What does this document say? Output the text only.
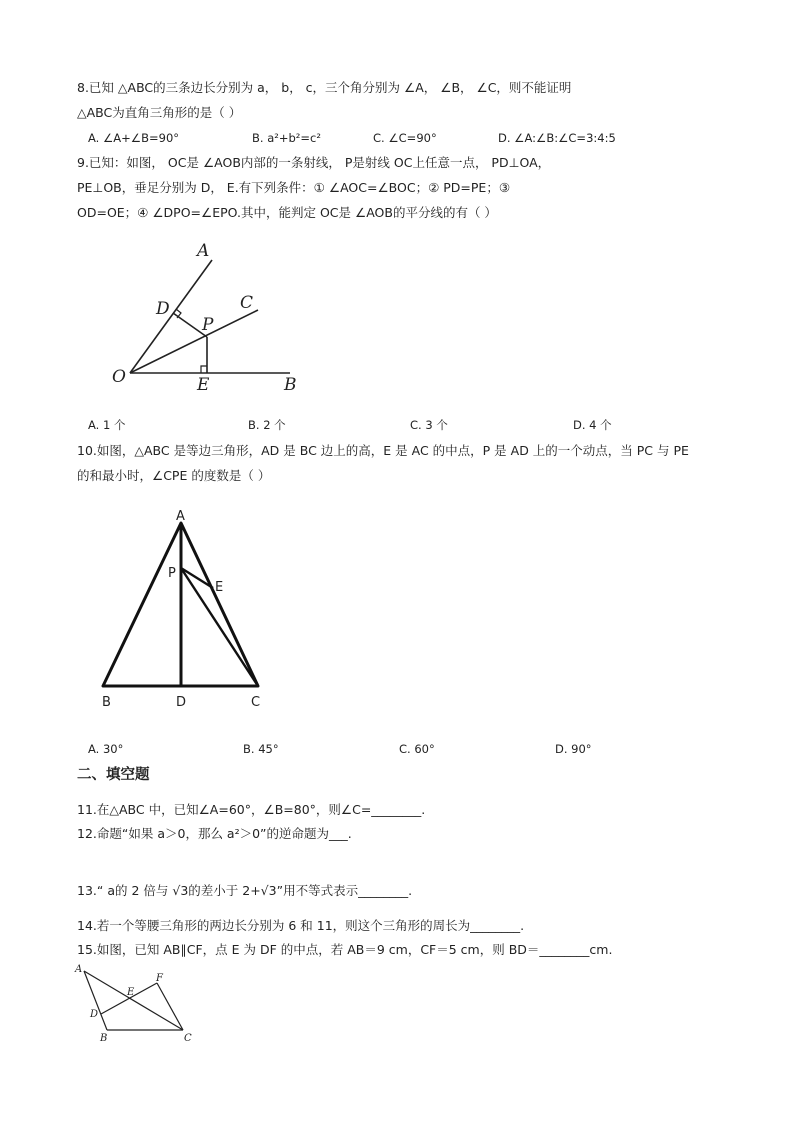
8.已知 △ABC的三条边长分别为 a， b， c，三个角分别为 ∠A， ∠B， ∠C，则不能证明
△ABC为直角三角形的是（ ）
A. ∠A+∠B=90°	B. a²+b²=c²	C. ∠C=90°	D. ∠A:∠B:∠C=3:4:5
9.已知：如图， OC是 ∠AOB内部的一条射线， P是射线 OC上任意一点， PD⊥OA，
PE⊥OB，垂足分别为 D， E.有下列条件：① ∠AOC=∠BOC；② PD=PE；③
OD=OE；④ ∠DPO=∠EPO.其中，能判定 OC是 ∠AOB的平分线的有（ ）
A
C
D
P
O	E	B
A. 1 个	B. 2 个	C. 3 个	D. 4 个
10.如图，△ABC 是等边三角形，AD 是 BC 边上的高，E 是 AC 的中点，P 是 AD 上的一个动点，当 PC 与 PE
的和最小时，∠CPE 的度数是（ ）
A
P
E
B	D	C
A. 30°	B. 45°	C. 60°	D. 90°
二、填空题
11.在△ABC 中，已知∠A=60°，∠B=80°，则∠C=________.
12.命题“如果 a＞0，那么 a²＞0”的逆命题为___.
13.“ a的 2 倍与 √3的差小于 2+√3”用不等式表示________.
14.若一个等腰三角形的两边长分别为 6 和 11，则这个三角形的周长为________.
15.如图，已知 AB∥CF，点 E 为 DF 的中点，若 AB＝9 cm，CF＝5 cm，则 BD＝________cm.
A
F
E
D
B	C
